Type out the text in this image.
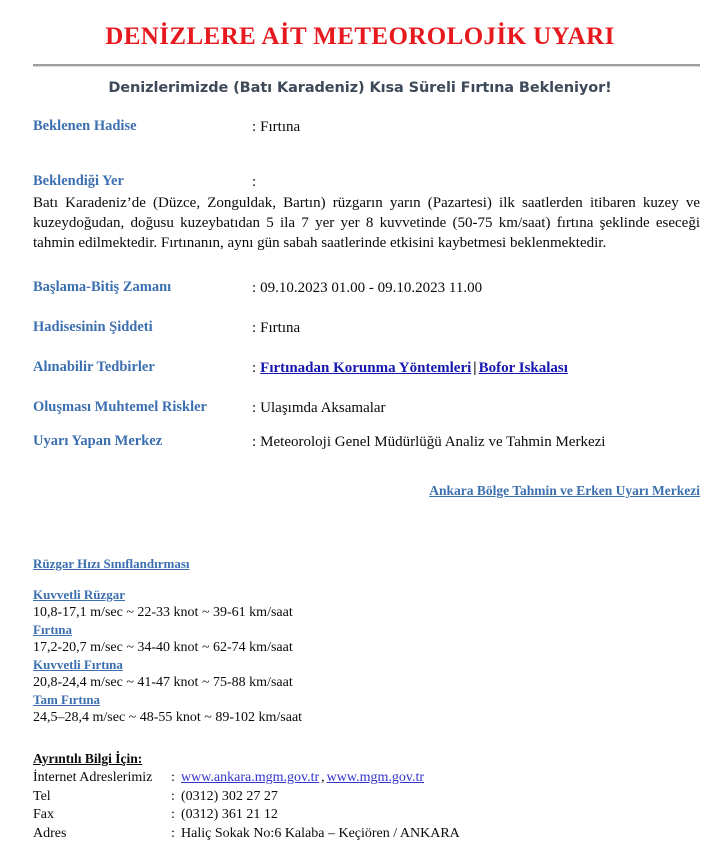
DENİZLERE AİT METEOROLOJİK UYARI
Denizlerimizde (Batı Karadeniz) Kısa Süreli Fırtına Bekleniyor!
Beklenen Hadise	: Fırtına
Beklendiği Yer	:

Batı Karadeniz’de (Düzce, Zonguldak, Bartın) rüzgarın yarın (Pazartesi) ilk saatlerden itibaren kuzey ve kuzeydoğudan, doğusu kuzeybatıdan 5 ila 7 yer yer 8 kuvvetinde (50-75 km/saat) fırtına şeklinde eseceği tahmin edilmektedir. Fırtınanın, aynı gün sabah saatlerinde etkisini kaybetmesi beklenmektedir.

Başlama-Bitiş Zamanı	: 09.10.2023 01.00 - 09.10.2023 11.00
Hadisesinin Şiddeti	: Fırtına
Alınabilir Tedbirler	: Fırtınadan Korunma Yöntemleri | Bofor Iskalası
Oluşması Muhtemel Riskler	: Ulaşımda Aksamalar
Uyarı Yapan Merkez	: Meteoroloji Genel Müdürlüğü Analiz ve Tahmin Merkezi
Ankara Bölge Tahmin ve Erken Uyarı Merkezi
Rüzgar Hızı Sınıflandırması
Kuvvetli Rüzgar
10,8-17,1 m/sec ~ 22-33 knot ~ 39-61 km/saat
Fırtına
17,2-20,7 m/sec ~ 34-40 knot ~ 62-74 km/saat
Kuvvetli Fırtına
20,8-24,4 m/sec ~ 41-47 knot ~ 75-88 km/saat
Tam Fırtına
24,5–28,4 m/sec ~ 48-55 knot ~ 89-102 km/saat
Ayrıntılı Bilgi İçin:
İnternet Adreslerimiz	: www.ankara.mgm.gov.tr , www.mgm.gov.tr
Tel	: (0312) 302 27 27
Fax	: (0312) 361 21 12
Adres	: Haliç Sokak No:6 Kalaba – Keçiören / ANKARA
